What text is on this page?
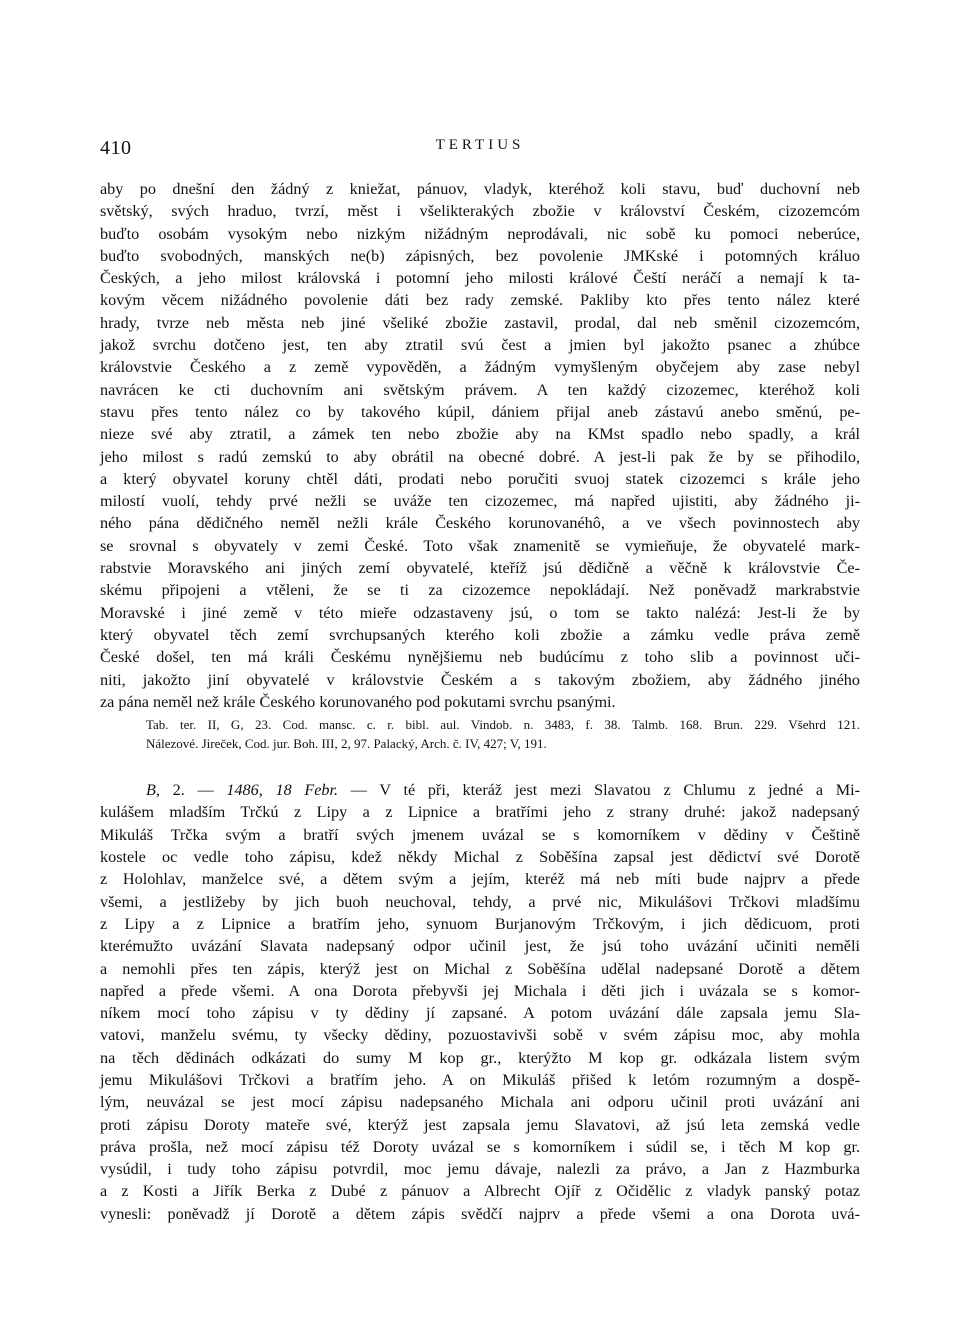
410	TERTIUS
aby po dnešní den žádný z kniežat, pánuov, vladyk, kteréhož koli stavu, buď duchovní neb
světský, svých hraduo, tvrzí, měst i všelikterakých zbožie v království Českém, cizozemcóm
buďto osobám vysokým nebo nizkým nižádným neprodávali, nic sobě ku pomoci neberúce,
buďto svobodných, manských ne(b) zápisných, bez povolenie JMKské i potomných králuo
Českých, a jeho milost královská i potomní jeho milosti králové Čeští neráčí a nemají k ta-
kovým věcem nižádného povolenie dáti bez rady zemské. Pakliby kto přes tento nález které
hrady, tvrze neb města neb jiné všeliké zbožie zastavil, prodal, dal neb směnil cizozemcóm,
jakož svrchu dotčeno jest, ten aby ztratil svú čest a jmien byl jakožto psanec a zhúbce
královstvie Českého a z země vypověděn, a žádným vymyšleným obyčejem aby zase nebyl
navrácen ke cti duchovním ani světským právem. A ten každý cizozemec, kteréhož koli
stavu přes tento nález co by takového kúpil, dániem přijal aneb zástavú anebo směnú, pe-
nieze své aby ztratil, a zámek ten nebo zbožie aby na KMst spadlo nebo spadly, a král
jeho milost s radú zemskú to aby obrátil na obecné dobré. A jest-li pak že by se přihodilo,
a který obyvatel koruny chtěl dáti, prodati nebo poručiti svuoj statek cizozemci s krále jeho
milostí vuolí, tehdy prvé nežli se uváže ten cizozemec, má napřed ujistiti, aby žádného ji-
ného pána dědičného neměl nežli krále Českého korunovanéhô, a ve všech povinnostech aby
se srovnal s obyvately v zemi České. Toto však znamenitě se vymieňuje, že obyvatelé mark-
rabstvie Moravského ani jiných zemí obyvatelé, kteříž jsú dědičně a věčně k královstvie Če-
skému připojeni a vtěleni, že se ti za cizozemce nepokládají. Než poněvadž markrabstvie
Moravské i jiné země v této mieře odzastaveny jsú, o tom se takto nalézá: Jest-li že by
který obyvatel těch zemí svrchupsaných kterého koli zbožie a zámku vedle práva země
České došel, ten má králi Českému nynějšiemu neb budúcímu z toho slib a povinnost uči-
niti, jakožto jiní obyvatelé v královstvie Českém a s takovým zbožiem, aby žádného jiného
za pána neměl než krále Českého korunovaného pod pokutami svrchu psanými.
Tab. ter. II, G, 23. Cod. mansc. c. r. bibl. aul. Vindob. n. 3483, f. 38. Talmb. 168. Brun. 229. Všehrd 121.
Nálezové. Jireček, Cod. jur. Boh. III, 2, 97. Palacký, Arch. č. IV, 427; V, 191.
B, 2. — 1486, 18 Febr. — V té při, kteráž jest mezi Slavatou z Chlumu z jedné a Mi-
kulášem mladším Trčkú z Lipy a z Lipnice a bratřími jeho z strany druhé: jakož nadepsaný
Mikuláš Trčka svým a bratří svých jmenem uvázal se s komorníkem v dědiny v Češtině
kostele oc vedle toho zápisu, kdež někdy Michal z Soběšína zapsal jest dědictví své Dorotě
z Holohlav, manželce své, a dětem svým a jejím, kteréž má neb míti bude najprv a přede
všemi, a jestližeby by jich buoh neuchoval, tehdy, a prvé nic, Mikulášovi Trčkovi mladšímu
z Lipy a z Lipnice a bratřím jeho, synuom Burjanovým Trčkovým, i jich dědicuom, proti
kterémužto uvázání Slavata nadepsaný odpor učinil jest, že jsú toho uvázání učiniti neměli
a nemohli přes ten zápis, kterýž jest on Michal z Soběšína udělal nadepsané Dorotě a dětem
napřed a přede všemi. A ona Dorota přebyvši jej Michala i děti jich i uvázala se s komor-
níkem mocí toho zápisu v ty dědiny jí zapsané. A potom uvázání dále zapsala jemu Sla-
vatovi, manželu svému, ty všecky dědiny, pozuostavivši sobě v svém zápisu moc, aby mohla
na těch dědinách odkázati do sumy M kop gr., kterýžto M kop gr. odkázala listem svým
jemu Mikulášovi Trčkovi a bratřím jeho. A on Mikuláš přišed k letóm rozumným a dospě-
lým, neuvázal se jest mocí zápisu nadepsaného Michala ani odporu učinil proti uvázání ani
proti zápisu Doroty mateře své, kterýž jest zapsala jemu Slavatovi, až jsú leta zemská vedle
práva prošla, než mocí zápisu též Doroty uvázal se s komorníkem i súdil se, i těch M kop gr.
vysúdil, i tudy toho zápisu potvrdil, moc jemu dávaje, nalezli za právo, a Jan z Hazmburka
a z Kosti a Jiřík Berka z Dubé z pánuov a Albrecht Ojíř z Očidělic z vladyk panský potaz
vynesli: poněvadž jí Dorotě a dětem zápis svědčí najprv a přede všemi a ona Dorota uvá-
